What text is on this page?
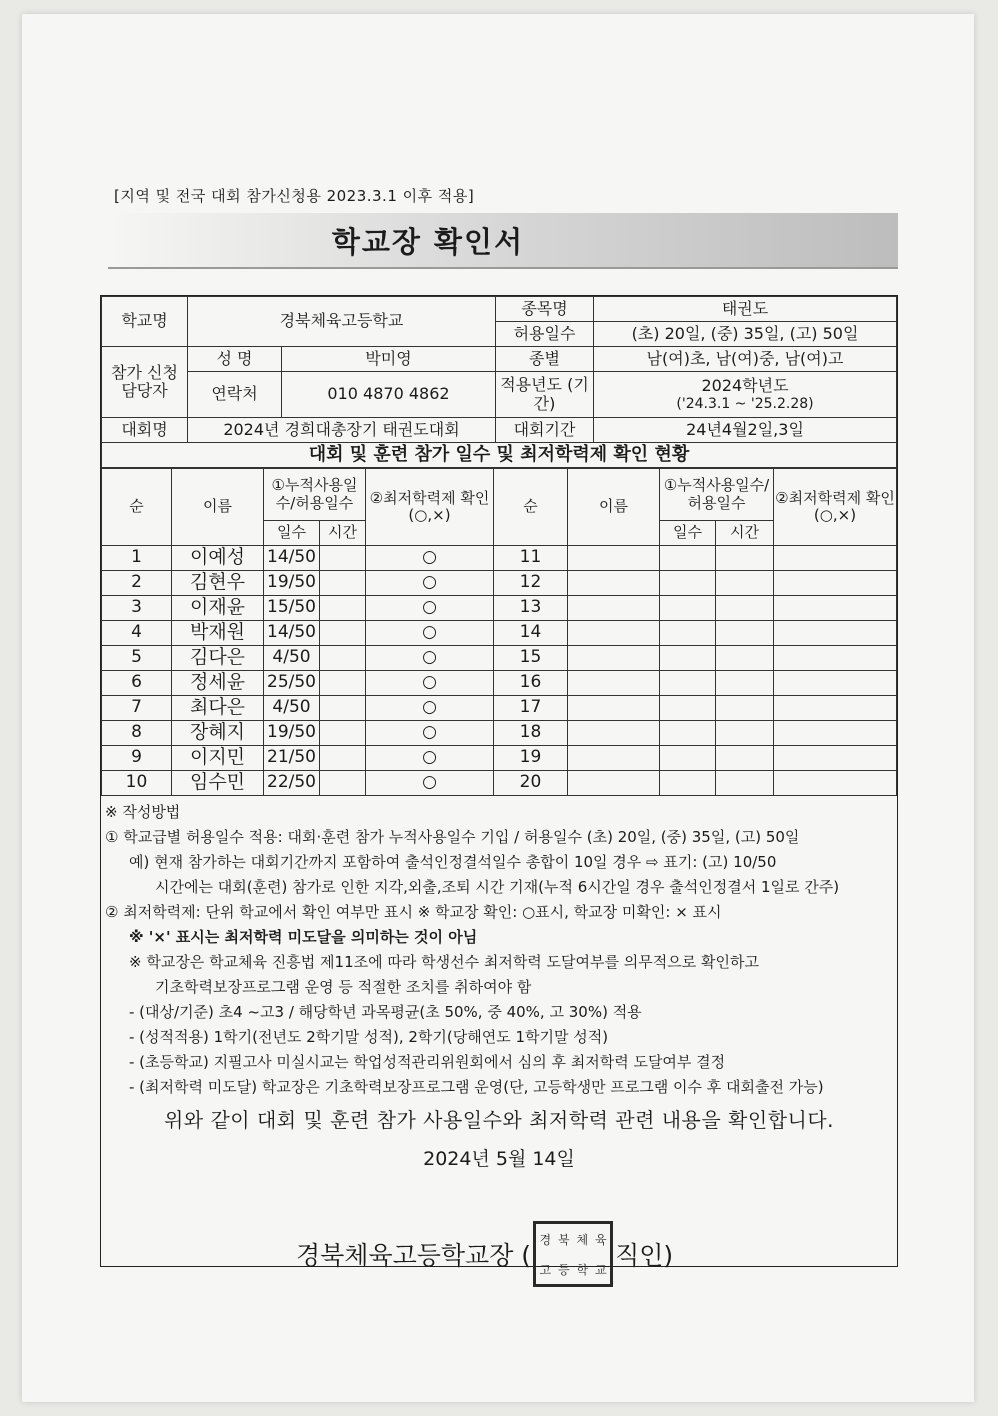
[지역 및 전국 대회 참가신청용 2023.3.1 이후 적용]
학교장 확인서
학교명	경북체육고등학교		종목명	태권도
			허용일수	(초) 20일, (중) 35일, (고) 50일
참가 신청 담당자	성 명	박미영	종별	남(여)초, 남(여)중, 남(여)고
	연락처	010 4870 4862	적용년도 (기간)	2024학년도
('24.3.1 ~ '25.2.28)

대회명	2024년 경희대총장기 태권도대회		대회기간	24년4월2일,3일
대회 및 훈련 참가 일수 및 최저학력제 확인 현황				
순	이름	①누적사용일수/허용일수		②최저학력제 확인(○,×)	순	이름	①누적사용일수/허용일수		②최저학력제 확인(○,×)
		일수	시간				일수	시간	
1	이예성	14/50		○	11				
2	김현우	19/50		○	12				
3	이재윤	15/50		○	13				
4	박재원	14/50		○	14				
5	김다은	4/50		○	15				
6	정세윤	25/50		○	16				
7	최다은	4/50		○	17				
8	장혜지	19/50		○	18				
9	이지민	21/50		○	19				
10	임수민	22/50		○	20				
※ 작성방법
① 학교급별 허용일수 적용: 대회·훈련 참가 누적사용일수 기입 / 허용일수 (초) 20일, (중) 35일, (고) 50일
예) 현재 참가하는 대회기간까지 포함하여 출석인정결석일수 총합이 10일 경우 ⇨ 표기: (고) 10/50
시간에는 대회(훈련) 참가로 인한 지각,외출,조퇴 시간 기재(누적 6시간일 경우 출석인정결서 1일로 간주)
② 최저학력제: 단위 학교에서 확인 여부만 표시 ※ 학교장 확인: ○표시, 학교장 미확인: × 표시
※ '×' 표시는 최저학력 미도달을 의미하는 것이 아님
※ 학교장은 학교체육 진흥법 제11조에 따라 학생선수 최저학력 도달여부를 의무적으로 확인하고
기초학력보장프로그램 운영 등 적절한 조치를 취하여야 함
- (대상/기준) 초4 ~고3 / 해당학년 과목평균(초 50%, 중 40%, 고 30%) 적용
- (성적적용) 1학기(전년도 2학기말 성적), 2학기(당해연도 1학기말 성적)
- (초등학교) 지필고사 미실시교는 학업성적관리위원회에서 심의 후 최저학력 도달여부 결정
- (최저학력 미도달) 학교장은 기초학력보장프로그램 운영(단, 고등학생만 프로그램 이수 후 대회출전 가능)
위와 같이 대회 및 훈련 참가 사용일수와 최저학력 관련 내용을 확인합니다.
2024년 5월 14일
경북체육고등학교장 (
경 북 체 육
고 등 학 교 직인)
